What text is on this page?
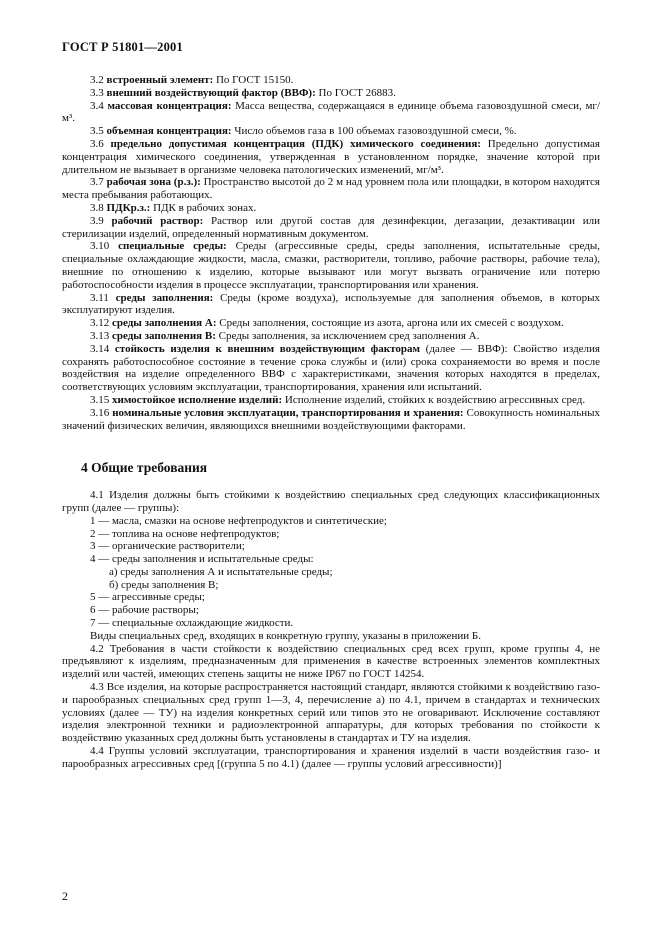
ГОСТ Р 51801—2001

3.2 встроенный элемент: По ГОСТ 15150.

3.3 внешний воздействующий фактор (ВВФ): По ГОСТ 26883.

3.4 массовая концентрация: Масса вещества, содержащаяся в единице объема газовоздушной смеси, мг/м³.

3.5 объемная концентрация: Число объемов газа в 100 объемах газовоздушной смеси, %.

3.6 предельно допустимая концентрация (ПДК) химического соединения: Предельно допустимая концентрация химического соединения, утвержденная в установленном порядке, значение которой при длительном не вызывает в организме человека патологических изменений, мг/м³.

3.7 рабочая зона (р.з.): Пространство высотой до 2 м над уровнем пола или площадки, в котором находятся места пребывания работающих.

3.8 ПДКр.з.: ПДК в рабочих зонах.

3.9 рабочий раствор: Раствор или другой состав для дезинфекции, дегазации, дезактивации или стерилизации изделий, определенный нормативным документом.

3.10 специальные среды: Среды (агрессивные среды, среды заполнения, испытательные среды, специальные охлаждающие жидкости, масла, смазки, растворители, топливо, рабочие растворы, рабочие тела), внешние по отношению к изделию, которые вызывают или могут вызвать ограничение или потерю работоспособности изделия в процессе эксплуатации, транспортирования или хранения.

3.11 среды заполнения: Среды (кроме воздуха), используемые для заполнения объемов, в которых эксплуатируют изделия.

3.12 среды заполнения А: Среды заполнения, состоящие из азота, аргона или их смесей с воздухом.

3.13 среды заполнения В: Среды заполнения, за исключением сред заполнения А.

3.14 стойкость изделия к внешним воздействующим факторам (далее — ВВФ): Свойство изделия сохранять работоспособное состояние в течение срока службы и (или) срока сохраняемости во время и после воздействия на изделие определенного ВВФ с характеристиками, значения которых находятся в пределах, соответствующих условиям эксплуатации, транспортирования, хранения или испытаний.

3.15 химостойкое исполнение изделий: Исполнение изделий, стойких к воздействию агрессивных сред.

3.16 номинальные условия эксплуатации, транспортирования и хранения: Совокупность номинальных значений физических величин, являющихся внешними воздействующими факторами.

4 Общие требования

4.1 Изделия должны быть стойкими к воздействию специальных сред следующих классификационных групп (далее — группы):

1 — масла, смазки на основе нефтепродуктов и синтетические;

2 — топлива на основе нефтепродуктов;

3 — органические растворители;

4 — среды заполнения и испытательные среды:

а) среды заполнения А и испытательные среды;

б) среды заполнения В;

5 — агрессивные среды;

6 — рабочие растворы;

7 — специальные охлаждающие жидкости.

Виды специальных сред, входящих в конкретную группу, указаны в приложении Б.

4.2 Требования в части стойкости к воздействию специальных сред всех групп, кроме группы 4, не предъявляют к изделиям, предназначенным для применения в качестве встроенных элементов комплектных изделий или частей, имеющих степень защиты не ниже IP67 по ГОСТ 14254.

4.3 Все изделия, на которые распространяется настоящий стандарт, являются стойкими к воздействию газо- и парообразных специальных сред групп 1—3, 4, перечисление а) по 4.1, причем в стандартах и технических условиях (далее — ТУ) на изделия конкретных серий или типов это не оговаривают. Исключение составляют изделия электронной техники и радиоэлектронной аппаратуры, для которых требования по стойкости к воздействию указанных сред должны быть установлены в стандартах и ТУ на изделия.

4.4 Группы условий эксплуатации, транспортирования и хранения изделий в части воздействия газо- и парообразных агрессивных сред [(группа 5 по 4.1) (далее — группы условий агрессивности)]

2
